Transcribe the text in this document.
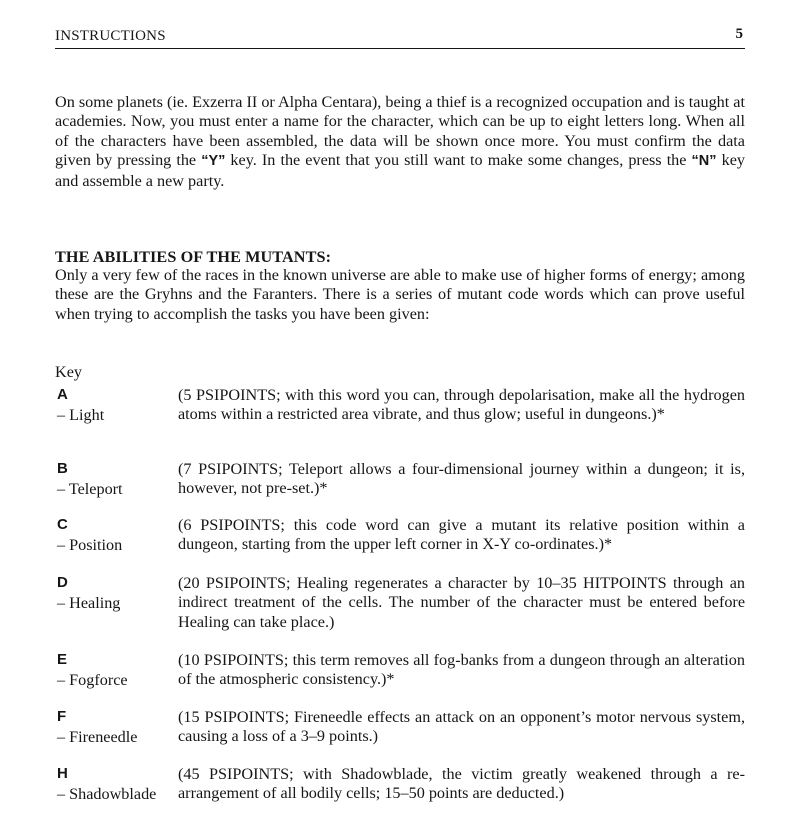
INSTRUCTIONS	5

On some planets (ie. Exzerra II or Alpha Centara), being a thief is a recognized occupation and is taught at academies. Now, you must enter a name for the character, which can be up to eight letters long. When all of the characters have been assembled, the data will be shown once more. You must confirm the data given by pressing the “Y” key. In the event that you still want to make some changes, press the “N” key and assemble a new party.

THE ABILITIES OF THE MUTANTS:

Only a very few of the races in the known universe are able to make use of higher forms of energy; among these are the Gryhns and the Faranters. There is a series of mutant code words which can prove useful when trying to accomplish the tasks you have been given:

Key
A
– Light

(5 PSIPOINTS; with this word you can, through depolarisation, make all the hydrogen atoms within a restricted area vibrate, and thus glow; useful in dungeons.)*

B
– Teleport

(7 PSIPOINTS; Teleport allows a four-dimensional journey within a dungeon; it is, however, not pre-set.)*

C
– Position

(6 PSIPOINTS; this code word can give a mutant its relative position within a dungeon, starting from the upper left corner in X-Y co-ordinates.)*

D
– Healing

(20 PSIPOINTS; Healing regenerates a character by 10–35 HITPOINTS through an indirect treatment of the cells. The number of the character must be entered before Healing can take place.)

E
– Fogforce

(10 PSIPOINTS; this term removes all fog-banks from a dungeon through an alteration of the atmospheric consistency.)*

F
– Fireneedle

(15 PSIPOINTS; Fireneedle effects an attack on an opponent’s motor nervous system, causing a loss of a 3–9 points.)

H
– Shadowblade

(45 PSIPOINTS; with Shadowblade, the victim greatly weakened through a re-arrangement of all bodily cells; 15–50 points are deducted.)
